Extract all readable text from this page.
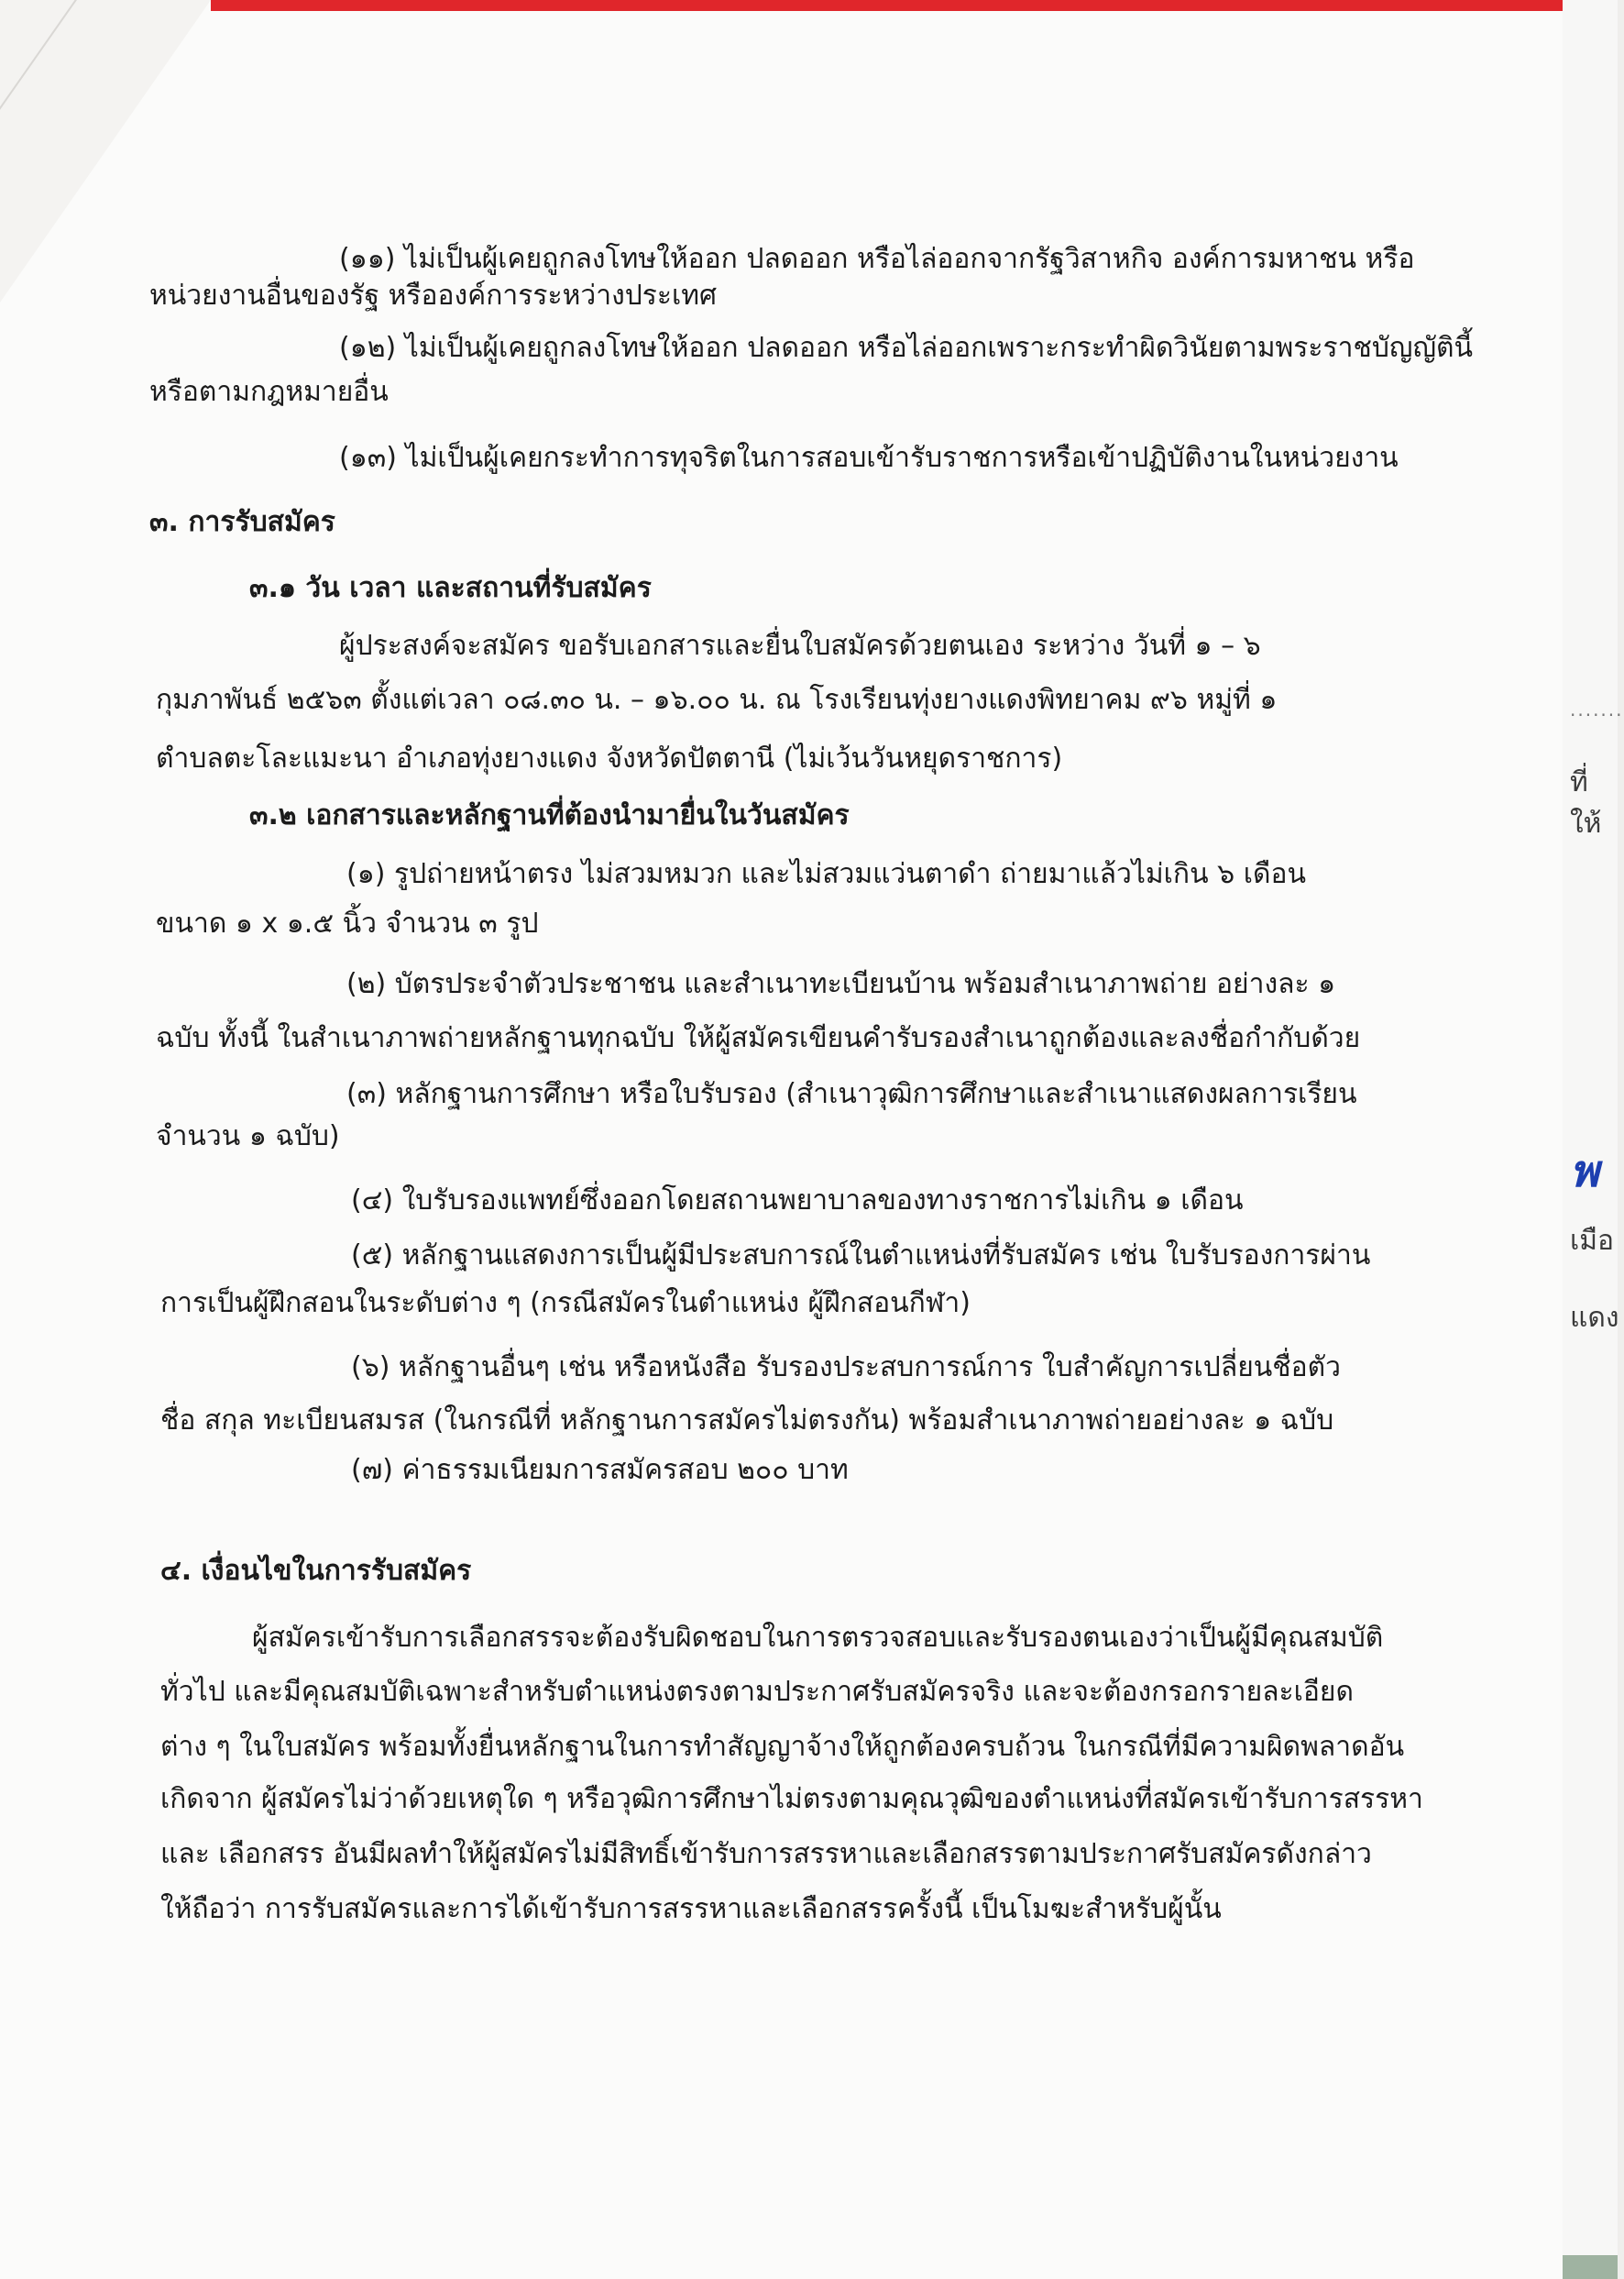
(๑๑) ไม่เป็นผู้เคยถูกลงโทษให้ออก ปลดออก หรือไล่ออกจากรัฐวิสาหกิจ องค์การมหาชน หรือ
หน่วยงานอื่นของรัฐ หรือองค์การระหว่างประเทศ
(๑๒) ไม่เป็นผู้เคยถูกลงโทษให้ออก ปลดออก หรือไล่ออกเพราะกระทำผิดวินัยตามพระราชบัญญัตินี้
หรือตามกฎหมายอื่น
(๑๓) ไม่เป็นผู้เคยกระทำการทุจริตในการสอบเข้ารับราชการหรือเข้าปฏิบัติงานในหน่วยงาน
๓. การรับสมัคร
๓.๑ วัน เวลา และสถานที่รับสมัคร
ผู้ประสงค์จะสมัคร ขอรับเอกสารและยื่นใบสมัครด้วยตนเอง ระหว่าง วันที่ ๑ – ๖
กุมภาพันธ์ ๒๕๖๓ ตั้งแต่เวลา ๐๘.๓๐ น. – ๑๖.๐๐ น. ณ โรงเรียนทุ่งยางแดงพิทยาคม ๙๖ หมู่ที่ ๑
ตำบลตะโละแมะนา อำเภอทุ่งยางแดง จังหวัดปัตตานี (ไม่เว้นวันหยุดราชการ)
๓.๒ เอกสารและหลักฐานที่ต้องนำมายื่นในวันสมัคร
(๑) รูปถ่ายหน้าตรง ไม่สวมหมวก และไม่สวมแว่นตาดำ ถ่ายมาแล้วไม่เกิน ๖ เดือน
ขนาด ๑ x ๑.๕ นิ้ว จำนวน ๓ รูป
(๒) บัตรประจำตัวประชาชน และสำเนาทะเบียนบ้าน พร้อมสำเนาภาพถ่าย อย่างละ ๑
ฉบับ ทั้งนี้ ในสำเนาภาพถ่ายหลักฐานทุกฉบับ ให้ผู้สมัครเขียนคำรับรองสำเนาถูกต้องและลงชื่อกำกับด้วย
(๓) หลักฐานการศึกษา หรือใบรับรอง (สำเนาวุฒิการศึกษาและสำเนาแสดงผลการเรียน
จำนวน ๑ ฉบับ)
(๔) ใบรับรองแพทย์ซึ่งออกโดยสถานพยาบาลของทางราชการไม่เกิน ๑ เดือน
(๕) หลักฐานแสดงการเป็นผู้มีประสบการณ์ในตำแหน่งที่รับสมัคร เช่น ใบรับรองการผ่าน
การเป็นผู้ฝึกสอนในระดับต่าง ๆ (กรณีสมัครในตำแหน่ง ผู้ฝึกสอนกีฬา)
(๖) หลักฐานอื่นๆ เช่น หรือหนังสือ รับรองประสบการณ์การ ใบสำคัญการเปลี่ยนชื่อตัว
ชื่อ สกุล ทะเบียนสมรส (ในกรณีที่ หลักฐานการสมัครไม่ตรงกัน) พร้อมสำเนาภาพถ่ายอย่างละ ๑ ฉบับ
(๗) ค่าธรรมเนียมการสมัครสอบ ๒๐๐ บาท
๔. เงื่อนไขในการรับสมัคร
ผู้สมัครเข้ารับการเลือกสรรจะต้องรับผิดชอบในการตรวจสอบและรับรองตนเองว่าเป็นผู้มีคุณสมบัติ
ทั่วไป และมีคุณสมบัติเฉพาะสำหรับตำแหน่งตรงตามประกาศรับสมัครจริง และจะต้องกรอกรายละเอียด
ต่าง ๆ ในใบสมัคร พร้อมทั้งยื่นหลักฐานในการทำสัญญาจ้างให้ถูกต้องครบถ้วน ในกรณีที่มีความผิดพลาดอัน
เกิดจาก ผู้สมัครไม่ว่าด้วยเหตุใด ๆ หรือวุฒิการศึกษาไม่ตรงตามคุณวุฒิของตำแหน่งที่สมัครเข้ารับการสรรหา
และ เลือกสรร อันมีผลทำให้ผู้สมัครไม่มีสิทธิ์เข้ารับการสรรหาและเลือกสรรตามประกาศรับสมัครดังกล่าว
ให้ถือว่า การรับสมัครและการได้เข้ารับการสรรหาและเลือกสรรครั้งนี้ เป็นโมฆะสำหรับผู้นั้น
·······
ที่
ให้
พ
เมือ
แดง
